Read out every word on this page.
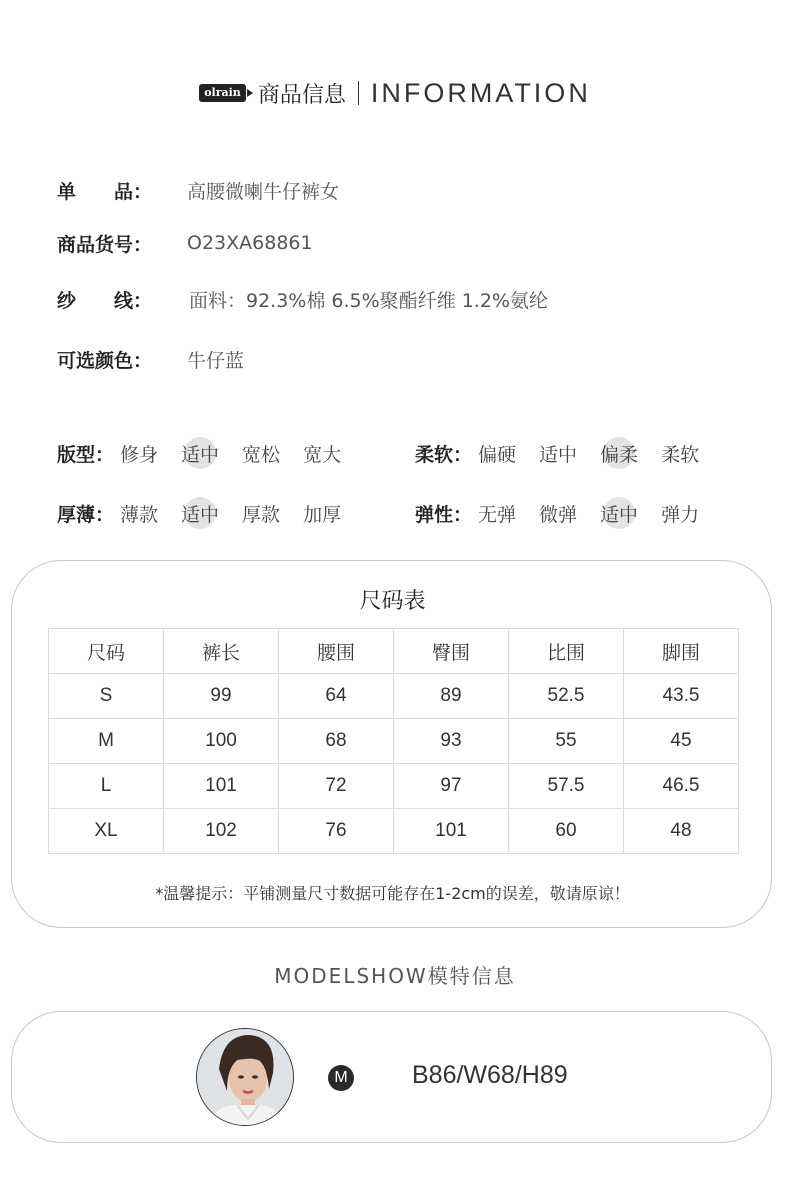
olrain 商品信息 INFORMATION
单　　品：	高腰微喇牛仔裤女
商品货号：	O23XA68861
纱　　线：	面料：92.3%棉 6.5%聚酯纤维 1.2%氨纶
可选颜色：	牛仔蓝
版型： 修身 适中 宽松 宽大	柔软： 偏硬 适中 偏柔 柔软
厚薄： 薄款 适中 厚款 加厚	弹性： 无弹 微弹 适中 弹力
尺码表
尺码	裤长	腰围	臀围	比围	脚围
S	99	64	89	52.5	43.5
M	100	68	93	55	45
L	101	72	97	57.5	46.5
XL	102	76	101	60	48
*温馨提示：平铺测量尺寸数据可能存在1-2cm的误差，敬请原谅！
MODELSHOW模特信息
M	B86/W68/H89
